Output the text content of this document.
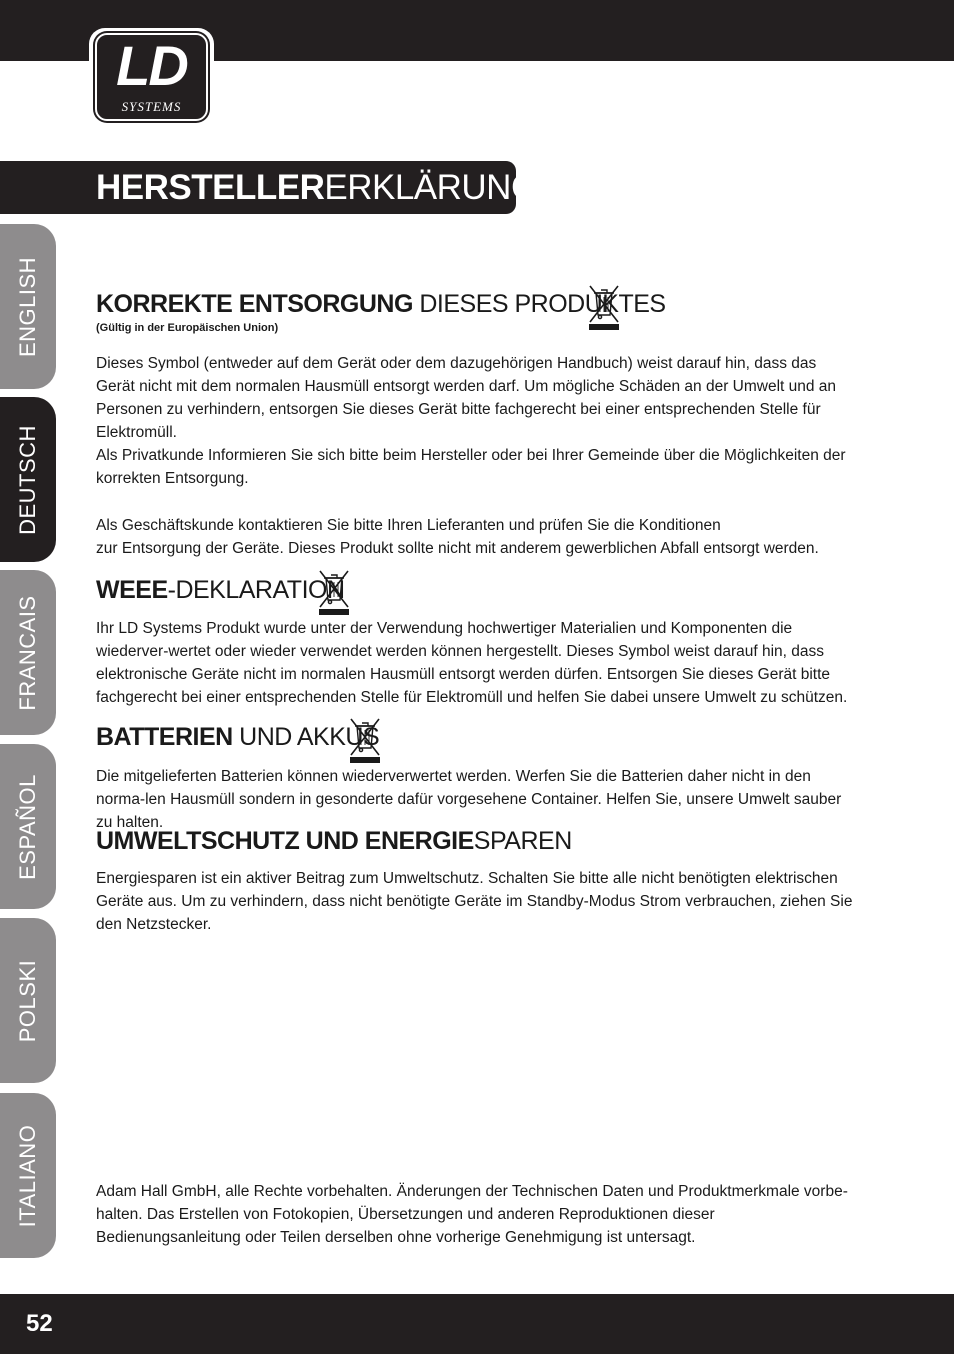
LD
SYSTEMS
HERSTELLERERKLÄRUNGEN:
ENGLISH
DEUTSCH
FRANCAIS
ESPAÑOL
POLSKI
ITALIANO
KORREKTE ENTSORGUNG DIESES PRODUKTES
(Gültig in der Europäischen Union)
Dieses Symbol (entweder auf dem Gerät oder dem dazugehörigen Handbuch) weist darauf hin, dass das Gerät nicht mit dem normalen Hausmüll entsorgt werden darf. Um mögliche Schäden an der Umwelt und an Personen zu verhindern, entsorgen Sie dieses Gerät bitte fachgerecht bei einer entsprechenden Stelle für Elektromüll.
Als Privatkunde Informieren Sie sich bitte beim Hersteller oder bei Ihrer Gemeinde über die Möglichkeiten der korrekten Entsorgung.
Als Geschäftskunde kontaktieren Sie bitte Ihren Lieferanten und prüfen Sie die Konditionen
zur Entsorgung der Geräte. Dieses Produkt sollte nicht mit anderem gewerblichen Abfall entsorgt werden.
WEEE-DEKLARATION
Ihr LD Systems Produkt wurde unter der Verwendung hochwertiger Materialien und Komponenten die wiederver-wertet oder wieder verwendet werden können hergestellt. Dieses Symbol weist darauf hin, dass elektronische Geräte nicht im normalen Hausmüll entsorgt werden dürfen. Entsorgen Sie dieses Gerät bitte fachgerecht bei einer entsprechenden Stelle für Elektromüll und helfen Sie dabei unsere Umwelt zu schützen.
BATTERIEN UND AKKUS
Die mitgelieferten Batterien können wiederverwertet werden. Werfen Sie die Batterien daher nicht in den norma-len Hausmüll sondern in gesonderte dafür vorgesehene Container. Helfen Sie, unsere Umwelt sauber zu halten.
UMWELTSCHUTZ UND ENERGIESPAREN
Energiesparen ist ein aktiver Beitrag zum Umweltschutz. Schalten Sie bitte alle nicht benötigten elektrischen Geräte aus. Um zu verhindern, dass nicht benötigte Geräte im Standby-Modus Strom verbrauchen, ziehen Sie den Netzstecker.
Adam Hall GmbH, alle Rechte vorbehalten. Änderungen der Technischen Daten und Produktmerkmale vorbe-halten. Das Erstellen von Fotokopien, Übersetzungen und anderen Reproduktionen dieser Bedienungsanleitung oder Teilen derselben ohne vorherige Genehmigung ist untersagt.
52
